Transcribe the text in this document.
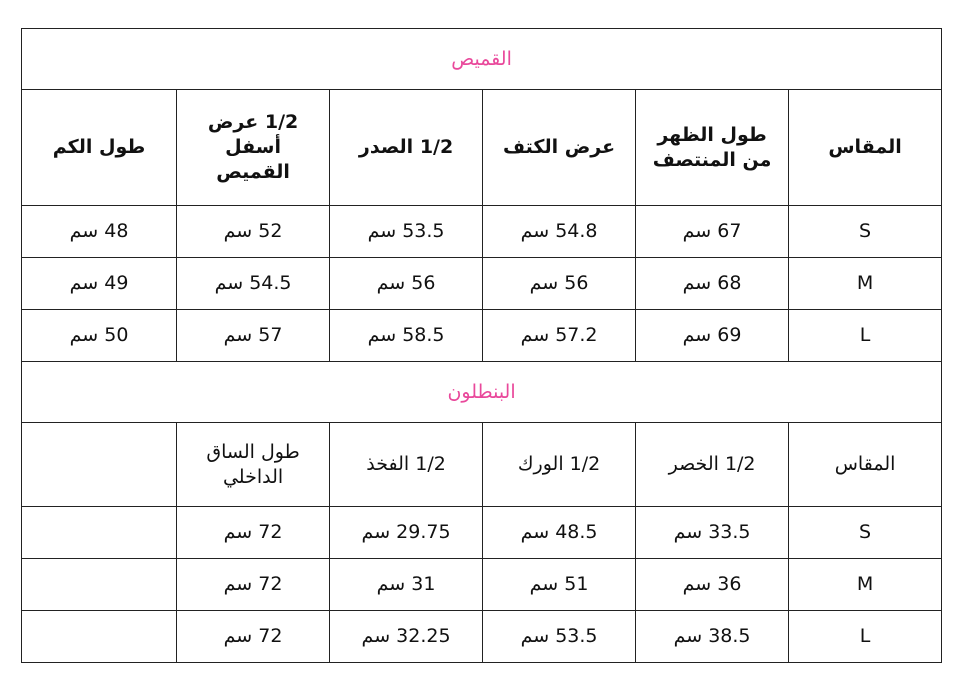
القميص					
المقاس	طول الظهر من المنتصف	عرض الكتف	1/2 الصدر	1/2 عرض أسفل القميص	طول الكم
S	67 سم	54.8 سم	53.5 سم	52 سم	48 سم
M	68 سم	56 سم	56 سم	54.5 سم	49 سم
L	69 سم	57.2 سم	58.5 سم	57 سم	50 سم
البنطلون					
المقاس	1/2 الخصر	1/2 الورك	1/2 الفخذ	طول الساق الداخلي	
S	33.5 سم	48.5 سم	29.75 سم	72 سم	
M	36 سم	51 سم	31 سم	72 سم	
L	38.5 سم	53.5 سم	32.25 سم	72 سم	
